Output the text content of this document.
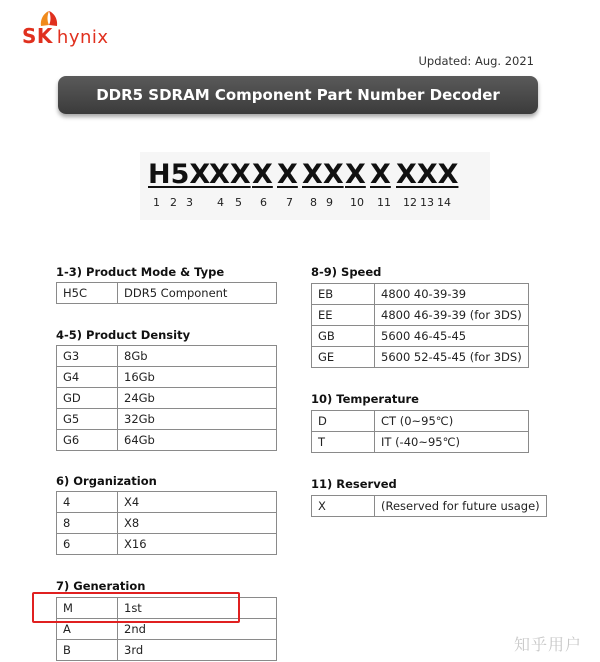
SK hynix
Updated: Aug. 2021
DDR5 SDRAM Component Part Number Decoder
H5X
XX X X XX X X XXX
1 2 3 4 5 6 7 8 9 10 11 12 13 14
1-3) Product Mode & Type
H5C	DDR5 Component
4-5) Product Density
G3	8Gb
G4	16Gb
GD	24Gb
G5	32Gb
G6	64Gb
6) Organization
4	X4
8	X8
6	X16
7) Generation
M	1st
A	2nd
B	3rd
8-9) Speed
EB	4800 40-39-39
EE	4800 46-39-39 (for 3DS)
GB	5600 46-45-45
GE	5600 52-45-45 (for 3DS)
10) Temperature
D	CT (0~95℃)
T	IT (-40~95℃)
11) Reserved
X	(Reserved for future usage)
知乎用户
